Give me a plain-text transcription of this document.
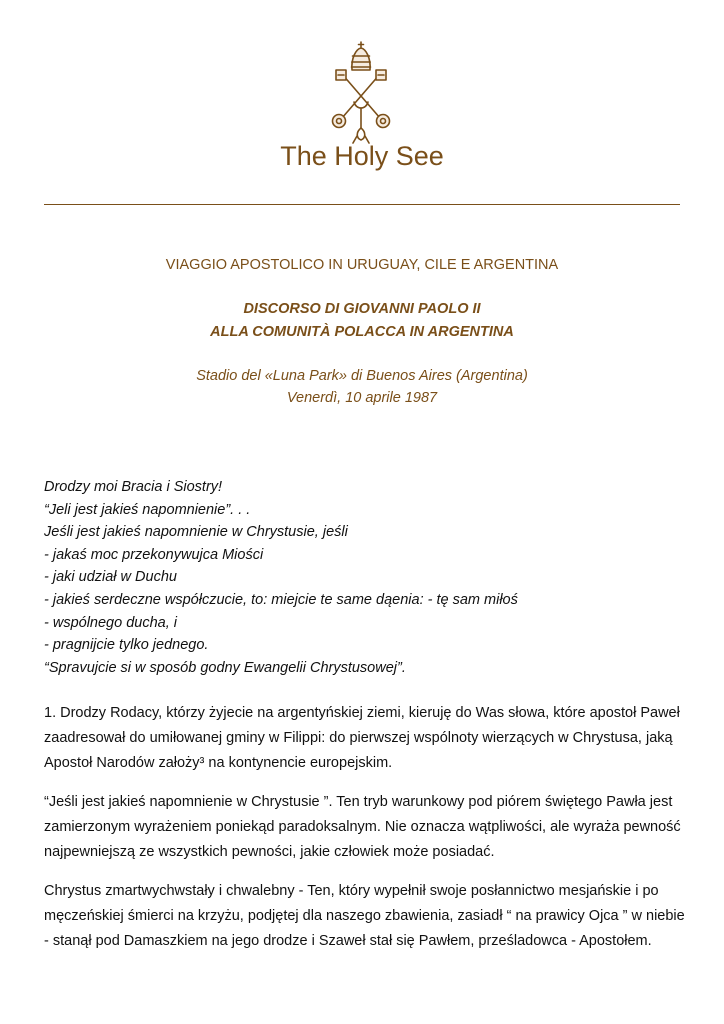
The Holy See
VIAGGIO APOSTOLICO IN URUGUAY, CILE E ARGENTINA
DISCORSO DI GIOVANNI PAOLO II
ALLA COMUNITÀ POLACCA IN ARGENTINA
Stadio del «Luna Park» di Buenos Aires (Argentina)
Venerdì, 10 aprile 1987
Drodzy moi Bracia i Siostry!
“Jeli jest jakieś napomnienie”. . .
Jeśli jest jakieś napomnienie w Chrystusie, jeśli
- jakaś moc przekonywujca Miości
- jaki udział w Duchu
- jakieś serdeczne współczucie, to: miejcie te same dąenia: - tę sam miłoś
- wspólnego ducha, i
- pragnijcie tylko jednego.
“Spravujcie si w sposób godny Ewangelii Chrystusowej”.

1. Drodzy Rodacy, którzy żyjecie na argentyńskiej ziemi, kieruję do Was słowa, które apostoł Paweł zaadresował do umiłowanej gminy w Filippi: do pierwszej wspólnoty wierzących w Chrystusa, jaką Apostoł Narodów założy³ na kontynencie europejskim.

“Jeśli jest jakieś napomnienie w Chrystusie ”. Ten tryb warunkowy pod piórem świętego Pawła jest zamierzonym wyrażeniem poniekąd paradoksalnym. Nie oznacza wątpliwości, ale wyraża pewność najpewniejszą ze wszystkich pewności, jakie człowiek może posiadać.

Chrystus zmartwychwstały i chwalebny - Ten, który wypełnił swoje posłannictwo mesjańskie i po męczeńskiej śmierci na krzyżu, podjętej dla naszego zbawienia, zasiadł “ na prawicy Ojca ” w niebie - stanął pod Damaszkiem na jego drodze i Szaweł stał się Pawłem, prześladowca - Apostołem.
